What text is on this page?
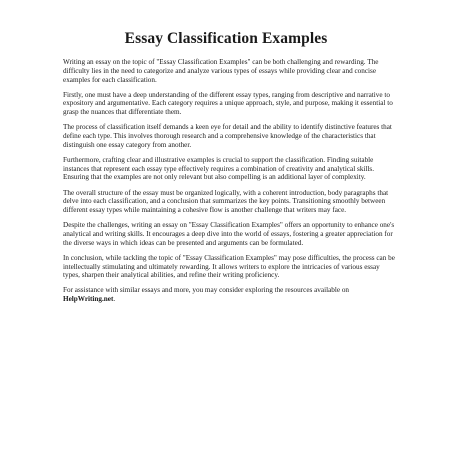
Essay Classification Examples

Writing an essay on the topic of "Essay Classification Examples" can be both challenging and rewarding. The difficulty lies in the need to categorize and analyze various types of essays while providing clear and concise examples for each classification.

Firstly, one must have a deep understanding of the different essay types, ranging from descriptive and narrative to expository and argumentative. Each category requires a unique approach, style, and purpose, making it essential to grasp the nuances that differentiate them.

The process of classification itself demands a keen eye for detail and the ability to identify distinctive features that define each type. This involves thorough research and a comprehensive knowledge of the characteristics that distinguish one essay category from another.

Furthermore, crafting clear and illustrative examples is crucial to support the classification. Finding suitable instances that represent each essay type effectively requires a combination of creativity and analytical skills. Ensuring that the examples are not only relevant but also compelling is an additional layer of complexity.

The overall structure of the essay must be organized logically, with a coherent introduction, body paragraphs that delve into each classification, and a conclusion that summarizes the key points. Transitioning smoothly between different essay types while maintaining a cohesive flow is another challenge that writers may face.

Despite the challenges, writing an essay on "Essay Classification Examples" offers an opportunity to enhance one's analytical and writing skills. It encourages a deep dive into the world of essays, fostering a greater appreciation for the diverse ways in which ideas can be presented and arguments can be formulated.

In conclusion, while tackling the topic of "Essay Classification Examples" may pose difficulties, the process can be intellectually stimulating and ultimately rewarding. It allows writers to explore the intricacies of various essay types, sharpen their analytical abilities, and refine their writing proficiency.

For assistance with similar essays and more, you may consider exploring the resources available on HelpWriting.net.
